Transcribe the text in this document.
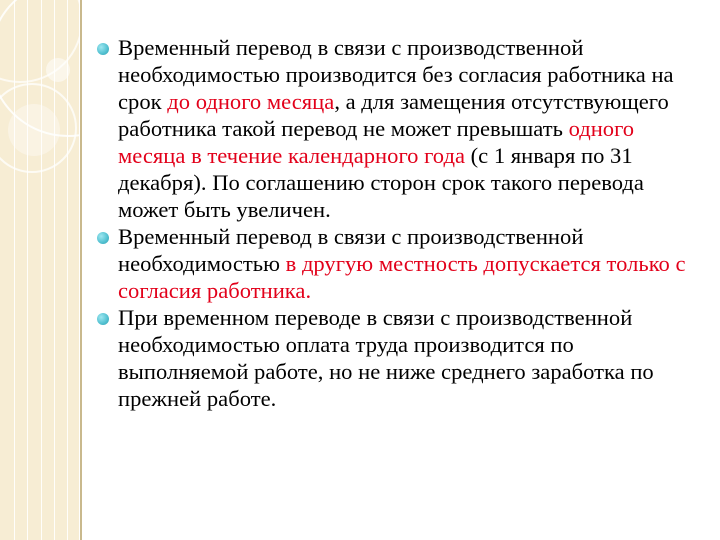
Временный перевод в связи с производственной необходимостью производится без согласия работника на срок до одного месяца, а для замещения отсутствующего работника такой перевод не может превышать одного месяца в течение календарного года (с 1 января по 31 декабря). По соглашению сторон срок такого перевода может быть увеличен.

Временный перевод в связи с производственной необходимостью в другую местность допускается только с согласия работника.

При временном переводе в связи с производственной необходимостью оплата труда производится по выполняемой работе, но не ниже среднего заработка по прежней работе.
